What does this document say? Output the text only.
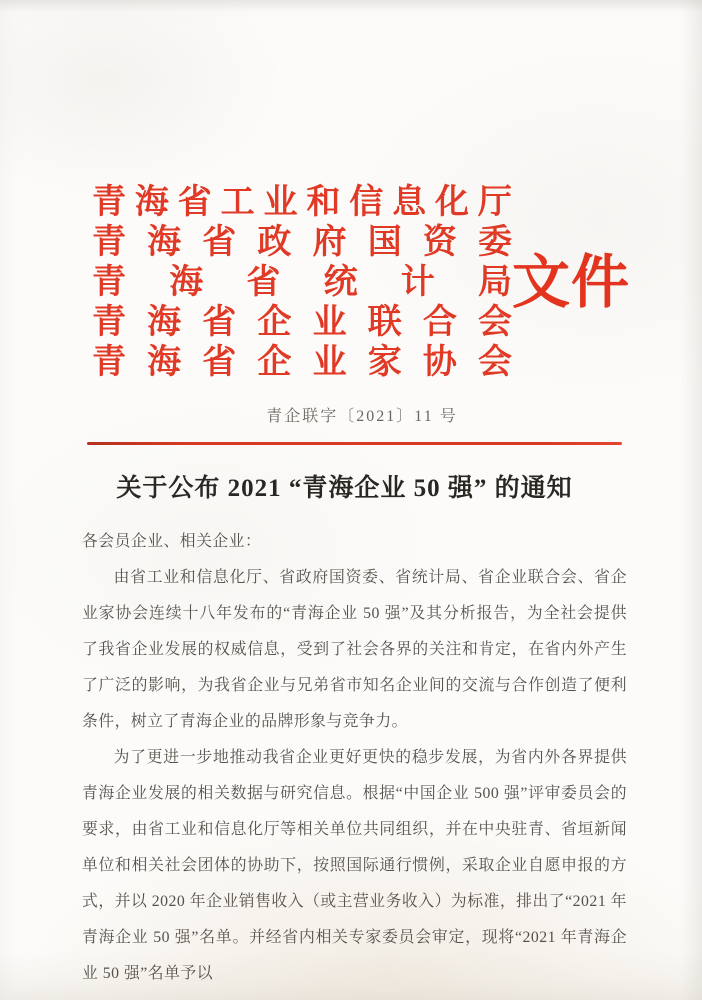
青 海 省 工 业 和 信 息 化 厅
青 海 省 政 府 国 资 委
青 海 省 统 计 局
青 海 省 企 业 联 合 会
青 海 省 企 业 家 协 会
文件
青企联字〔2021〕11 号
关于公布 2021 “青海企业 50 强” 的通知
各会员企业、相关企业：

由省工业和信息化厅、省政府国资委、省统计局、省企业联合会、省企业家协会连续十八年发布的“青海企业 50 强”及其分析报告，为全社会提供了我省企业发展的权威信息，受到了社会各界的关注和肯定，在省内外产生了广泛的影响，为我省企业与兄弟省市知名企业间的交流与合作创造了便利条件，树立了青海企业的品牌形象与竞争力。

为了更进一步地推动我省企业更好更快的稳步发展，为省内外各界提供青海企业发展的相关数据与研究信息。根据“中国企业 500 强”评审委员会的要求，由省工业和信息化厅等相关单位共同组织，并在中央驻青、省垣新闻单位和相关社会团体的协助下，按照国际通行惯例，采取企业自愿申报的方式，并以 2020 年企业销售收入（或主营业务收入）为标准，排出了“2021 年青海企业 50 强”名单。并经省内相关专家委员会审定，现将“2021 年青海企业 50 强”名单予以
